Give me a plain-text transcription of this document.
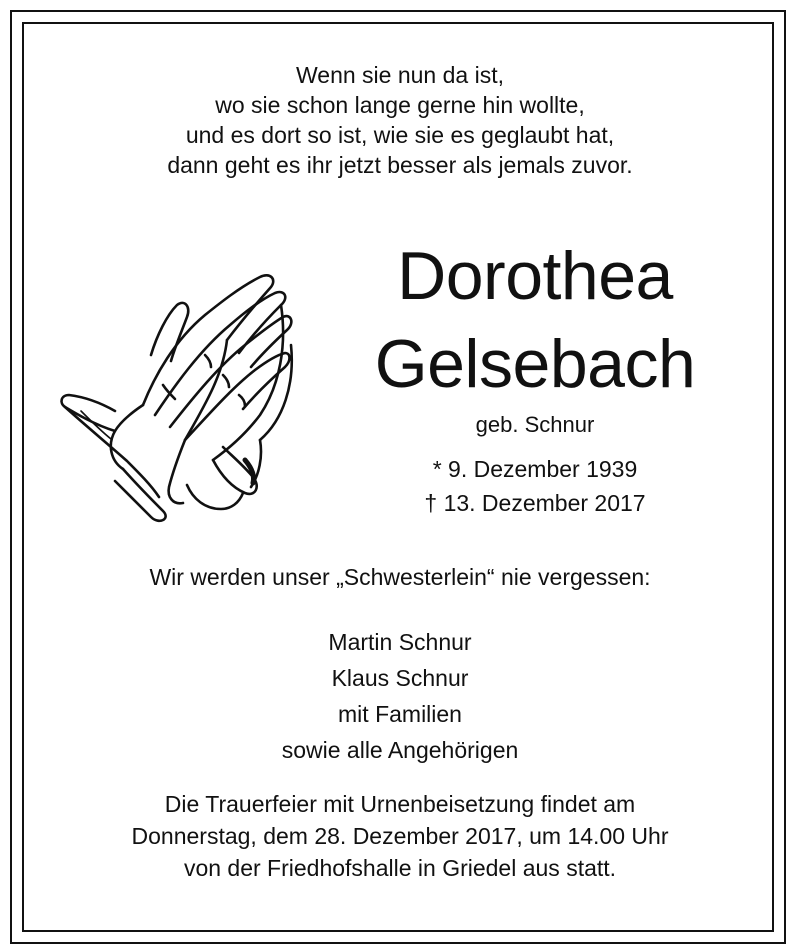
Wenn sie nun da ist,
wo sie schon lange gerne hin wollte,
und es dort so ist, wie sie es geglaubt hat,
dann geht es ihr jetzt besser als jemals zuvor.
Dorothea
Gelsebach
geb. Schnur
* 9. Dezember 1939
† 13. Dezember 2017
Wir werden unser „Schwesterlein“ nie vergessen:
Martin Schnur
Klaus Schnur
mit Familien
sowie alle Angehörigen
Die Trauerfeier mit Urnenbeisetzung findet am
Donnerstag, dem 28. Dezember 2017, um 14.00 Uhr
von der Friedhofshalle in Griedel aus statt.
